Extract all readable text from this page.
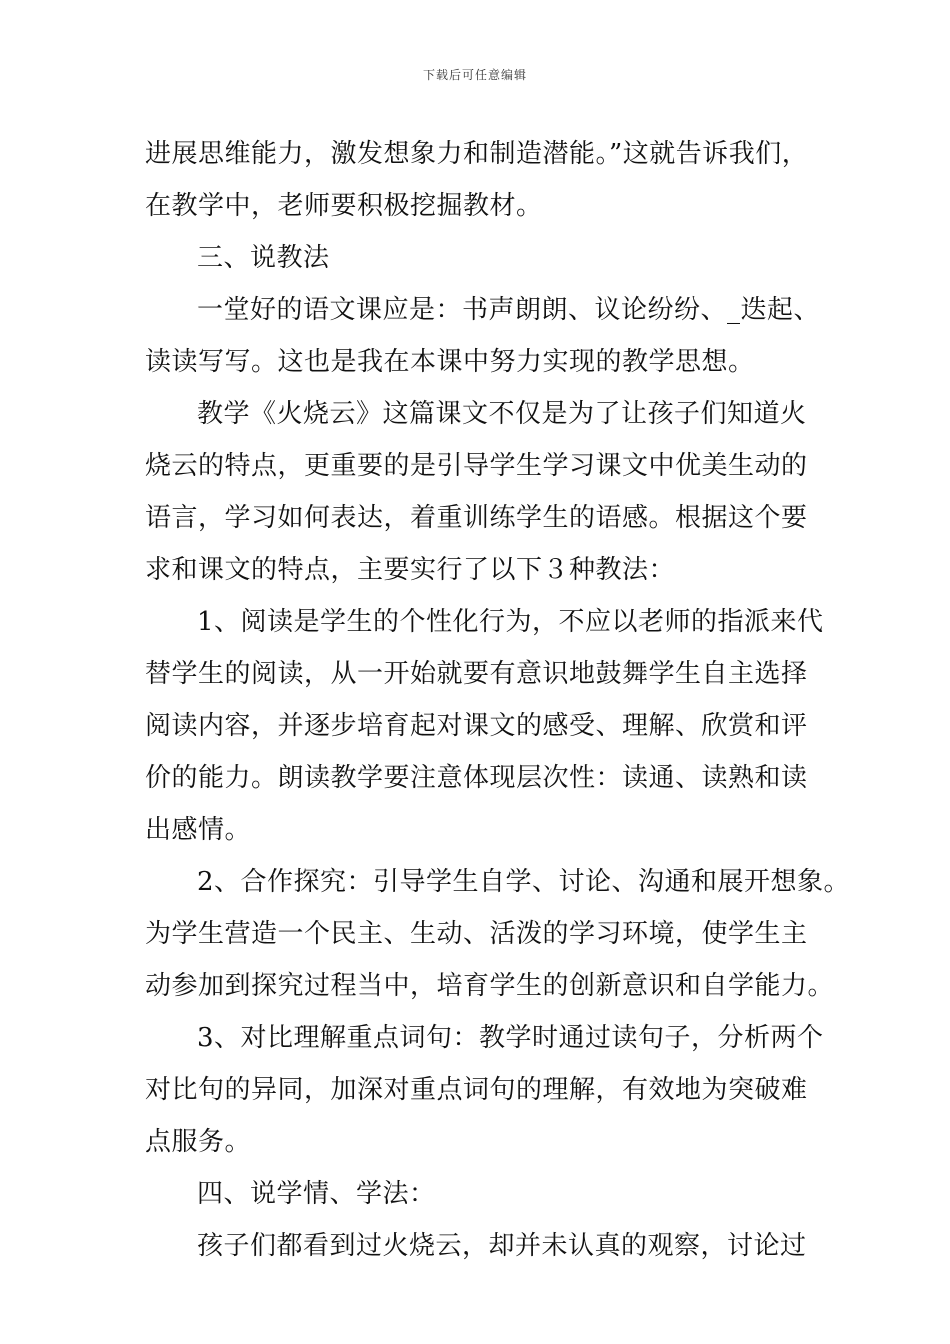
下载后可任意编辑
进展思维能力，激发想象力和制造潜能。”这就告诉我们，
在教学中，老师要积极挖掘教材。
三、说教法
一堂好的语文课应是：书声朗朗、议论纷纷、_迭起、
读读写写。这也是我在本课中努力实现的教学思想。
教学《火烧云》这篇课文不仅是为了让孩子们知道火
烧云的特点，更重要的是引导学生学习课文中优美生动的
语言，学习如何表达，着重训练学生的语感。根据这个要
求和课文的特点，主要实行了以下３种教法：
1、阅读是学生的个性化行为，不应以老师的指派来代
替学生的阅读，从一开始就要有意识地鼓舞学生自主选择
阅读内容，并逐步培育起对课文的感受、理解、欣赏和评
价的能力。朗读教学要注意体现层次性：读通、读熟和读
出感情。
2、合作探究：引导学生自学、讨论、沟通和展开想象。
为学生营造一个民主、生动、活泼的学习环境，使学生主
动参加到探究过程当中，培育学生的创新意识和自学能力。
3、对比理解重点词句：教学时通过读句子，分析两个
对比句的异同，加深对重点词句的理解，有效地为突破难
点服务。
四、说学情、学法：
孩子们都看到过火烧云，却并未认真的观察，讨论过
